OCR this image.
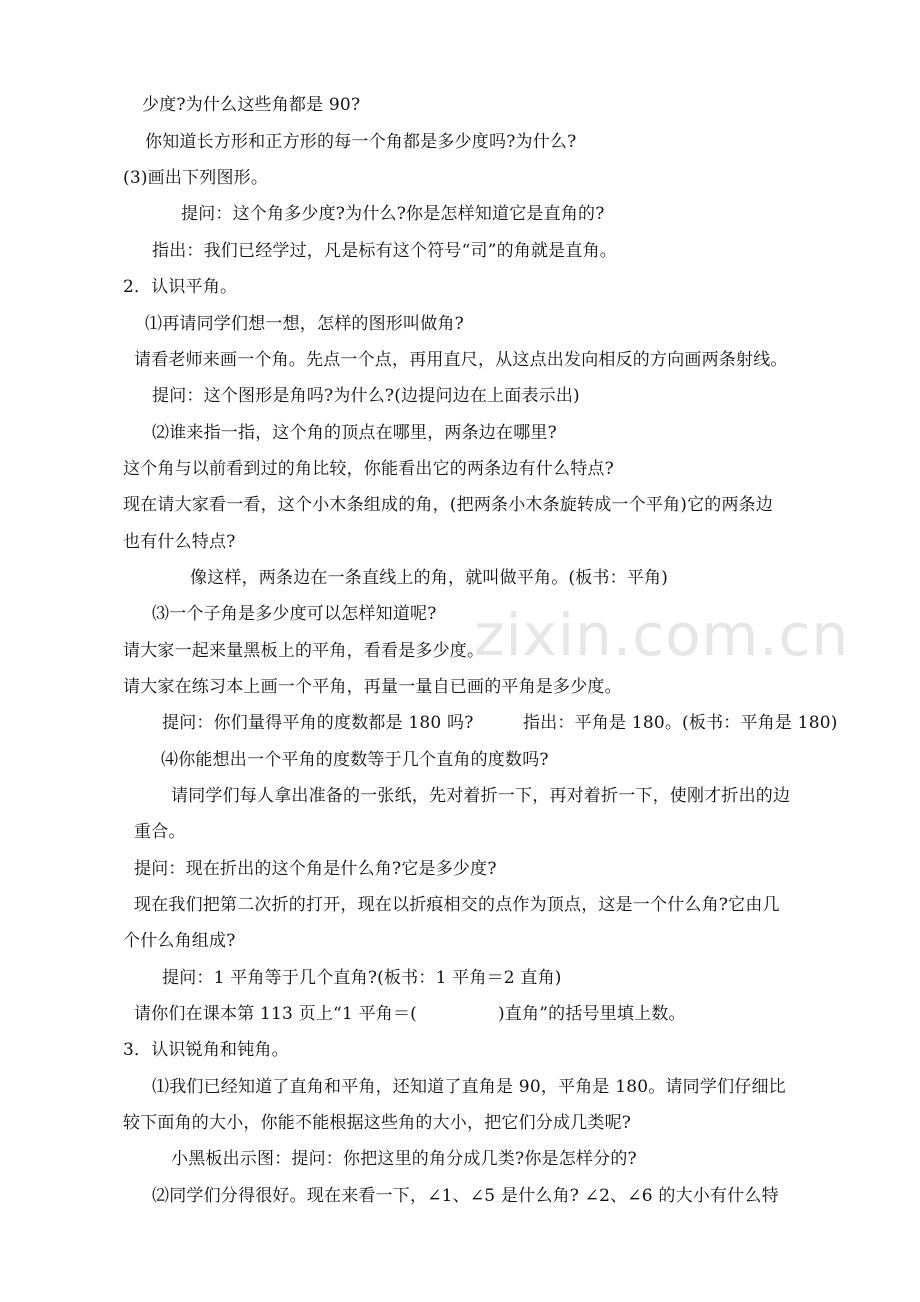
zixin.com.cn
少度?为什么这些角都是 90?
你知道长方形和正方形的每一个角都是多少度吗?为什么?
(3)画出下列图形。
提问：这个角多少度?为什么?你是怎样知道它是直角的?
指出：我们已经学过，凡是标有这个符号“司”的角就是直角。
2．认识平角。
⑴再请同学们想一想，怎样的图形叫做角?
请看老师来画一个角。先点一个点，再用直尺，从这点出发向相反的方向画两条射线。
提问：这个图形是角吗?为什么?(边提问边在上面表示出)
⑵谁来指一指，这个角的顶点在哪里，两条边在哪里?
这个角与以前看到过的角比较，你能看出它的两条边有什么特点?
现在请大家看一看，这个小木条组成的角，(把两条小木条旋转成一个平角)它的两条边
也有什么特点?
像这样，两条边在一条直线上的角，就叫做平角。(板书：平角)
⑶一个子角是多少度可以怎样知道呢?
请大家一起来量黑板上的平角，看看是多少度。
请大家在练习本上画一个平角，再量一量自已画的平角是多少度。
提问：你们量得平角的度数都是 180 吗?	指出：平角是 180。(板书：平角是 180)
⑷你能想出一个平角的度数等于几个直角的度数吗?
请同学们每人拿出准备的一张纸，先对着折一下，再对着折一下，使刚才折出的边
重合。
提问：现在折出的这个角是什么角?它是多少度?
现在我们把第二次折的打开，现在以折痕相交的点作为顶点，这是一个什么角?它由几
个什么角组成?
提问：1 平角等于几个直角?(板书：1 平角＝2 直角)
请你们在课本第 113 页上“1 平角＝(	)直角”的括号里填上数。
3．认识锐角和钝角。
⑴我们已经知道了直角和平角，还知道了直角是 90，平角是 180。请同学们仔细比
较下面角的大小，你能不能根据这些角的大小，把它们分成几类呢?
小黑板出示图：提问：你把这里的角分成几类?你是怎样分的?
⑵同学们分得很好。现在来看一下，∠1、∠5 是什么角? ∠2、∠6 的大小有什么特
